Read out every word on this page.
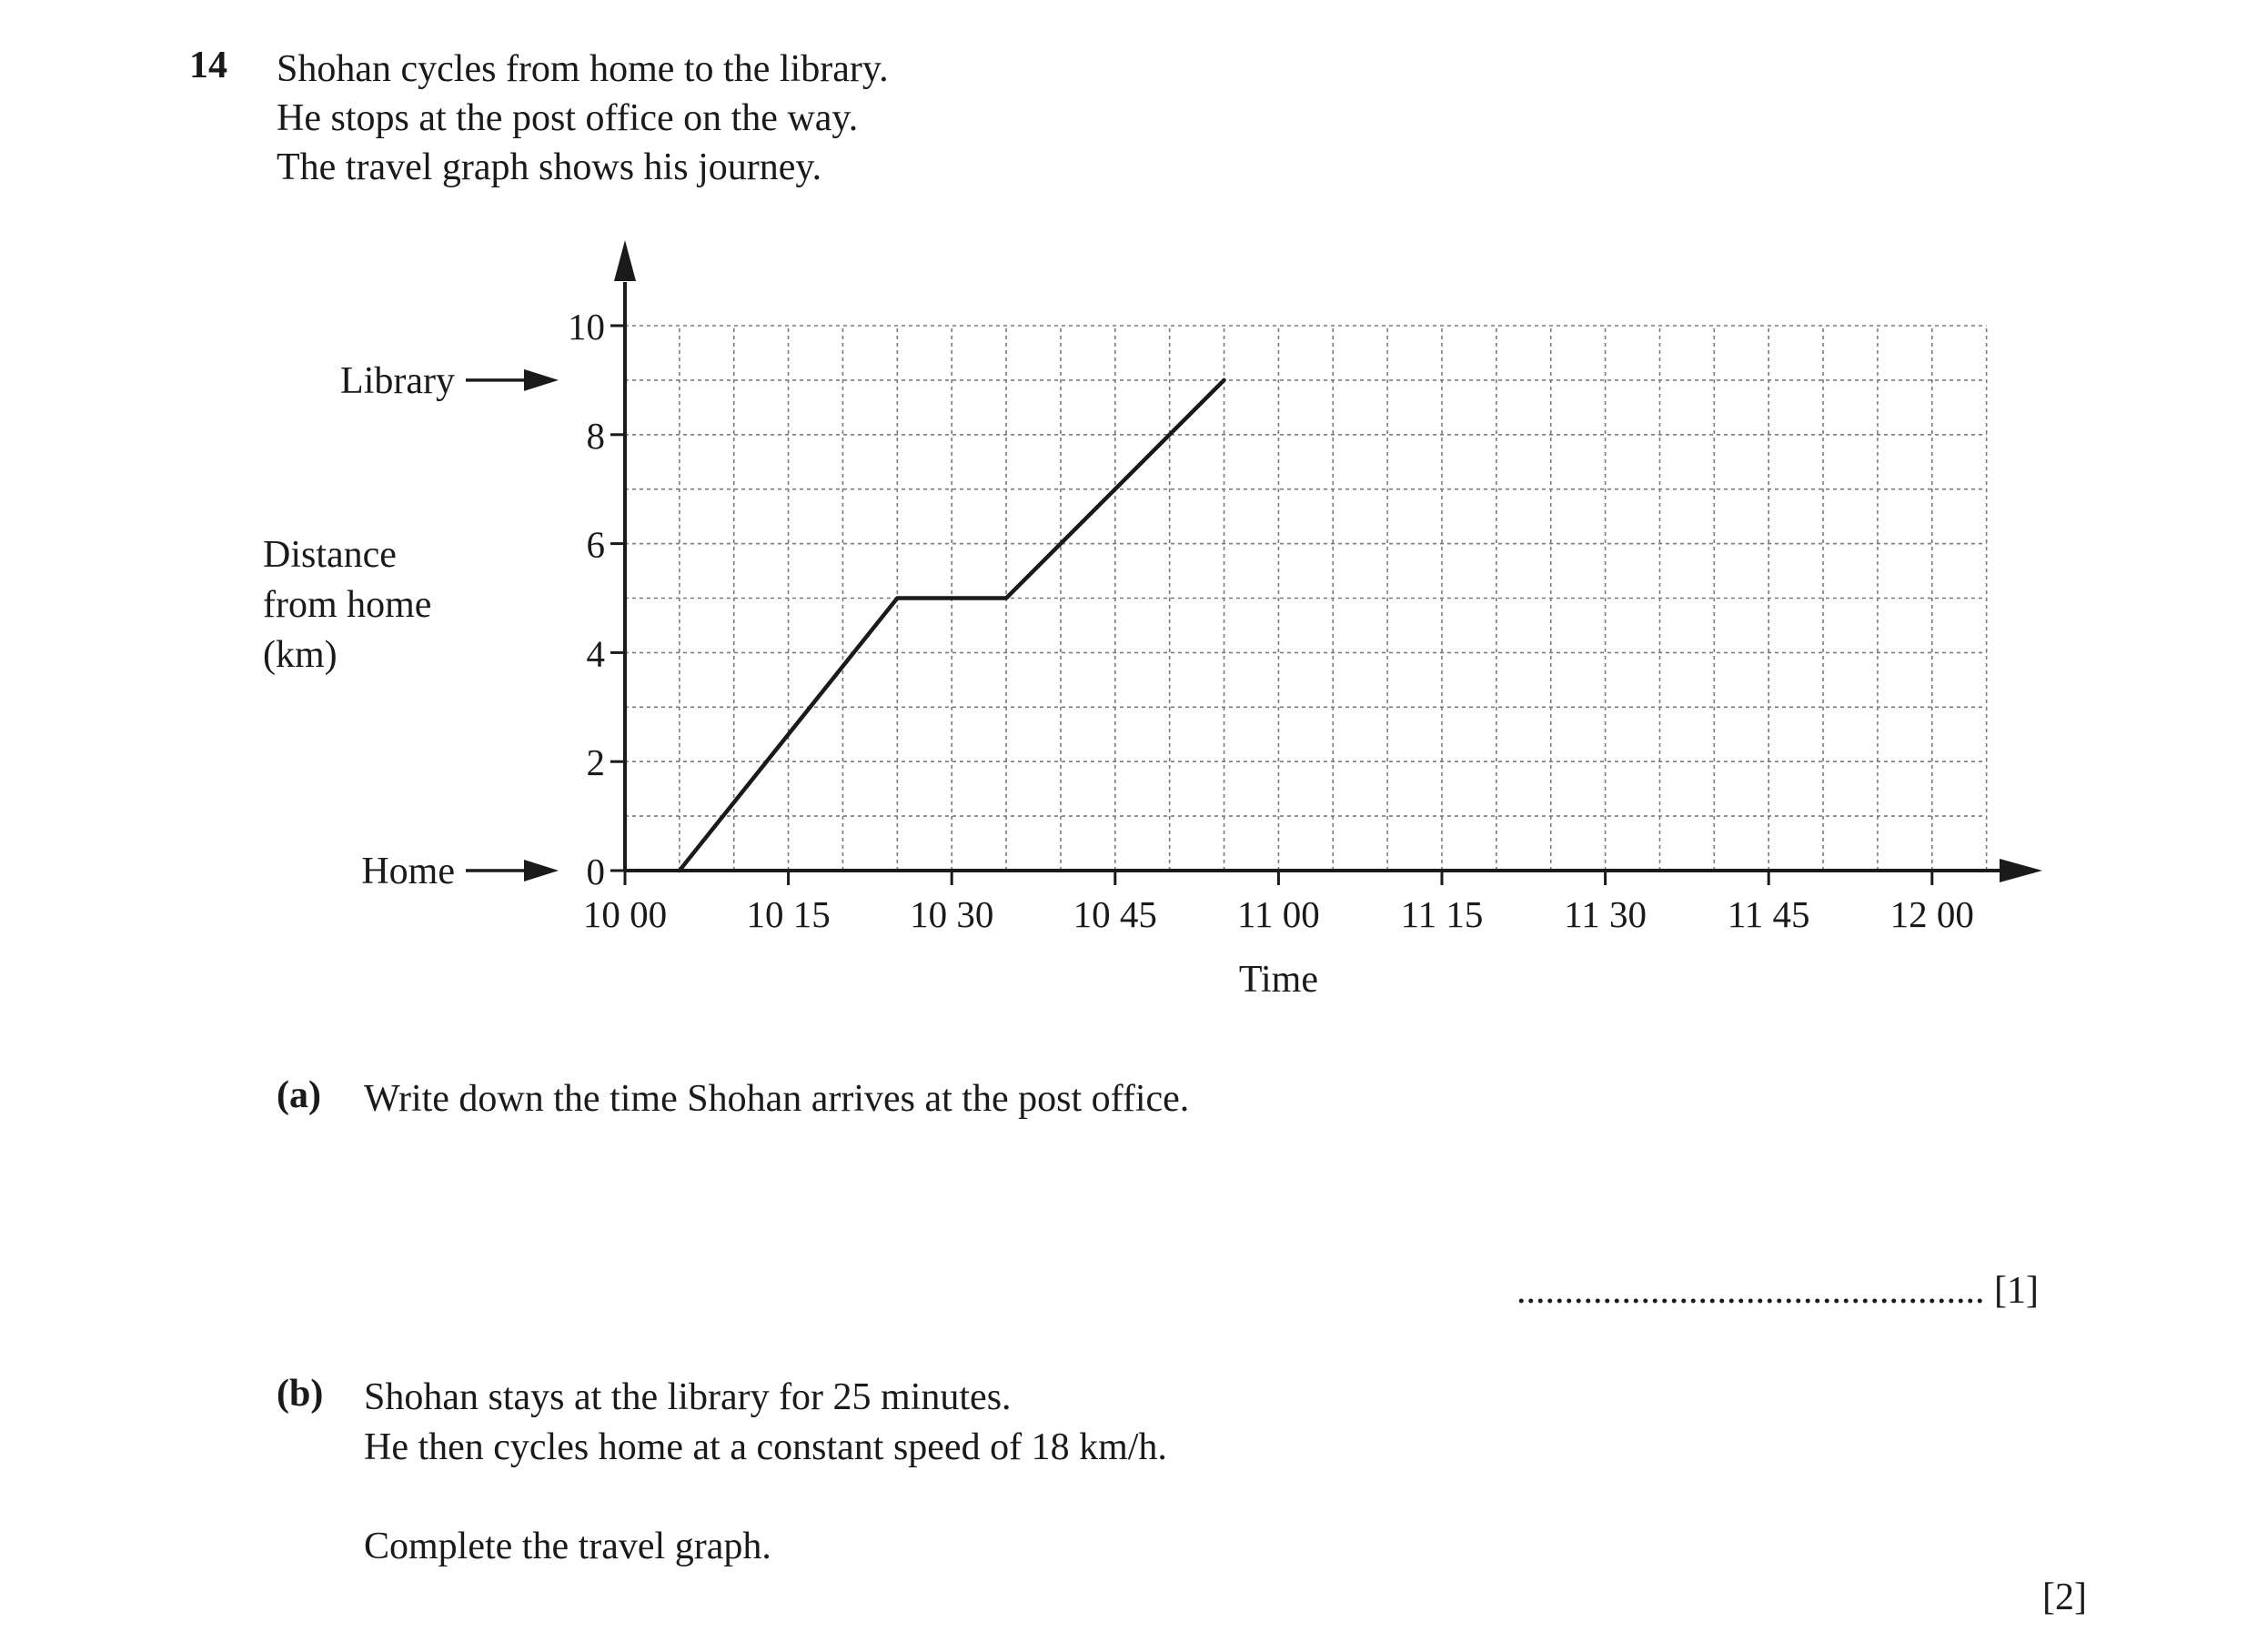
14 Shohan cycles from home to the library.
He stops at the post office on the way.
The travel graph shows his journey.
10 00 10 15 10 30 10 45 11 00 11 15 11 30 11 45 12 00
0
2
4
6
8
10
Time
Distance
from home
(km)
Library
Home
(a) Write down the time Shohan arrives at the post office.
................................................. [1]
(b) Shohan stays at the library for 25 minutes.
He then cycles home at a constant speed of 18 km/h.
Complete the travel graph.
[2]
